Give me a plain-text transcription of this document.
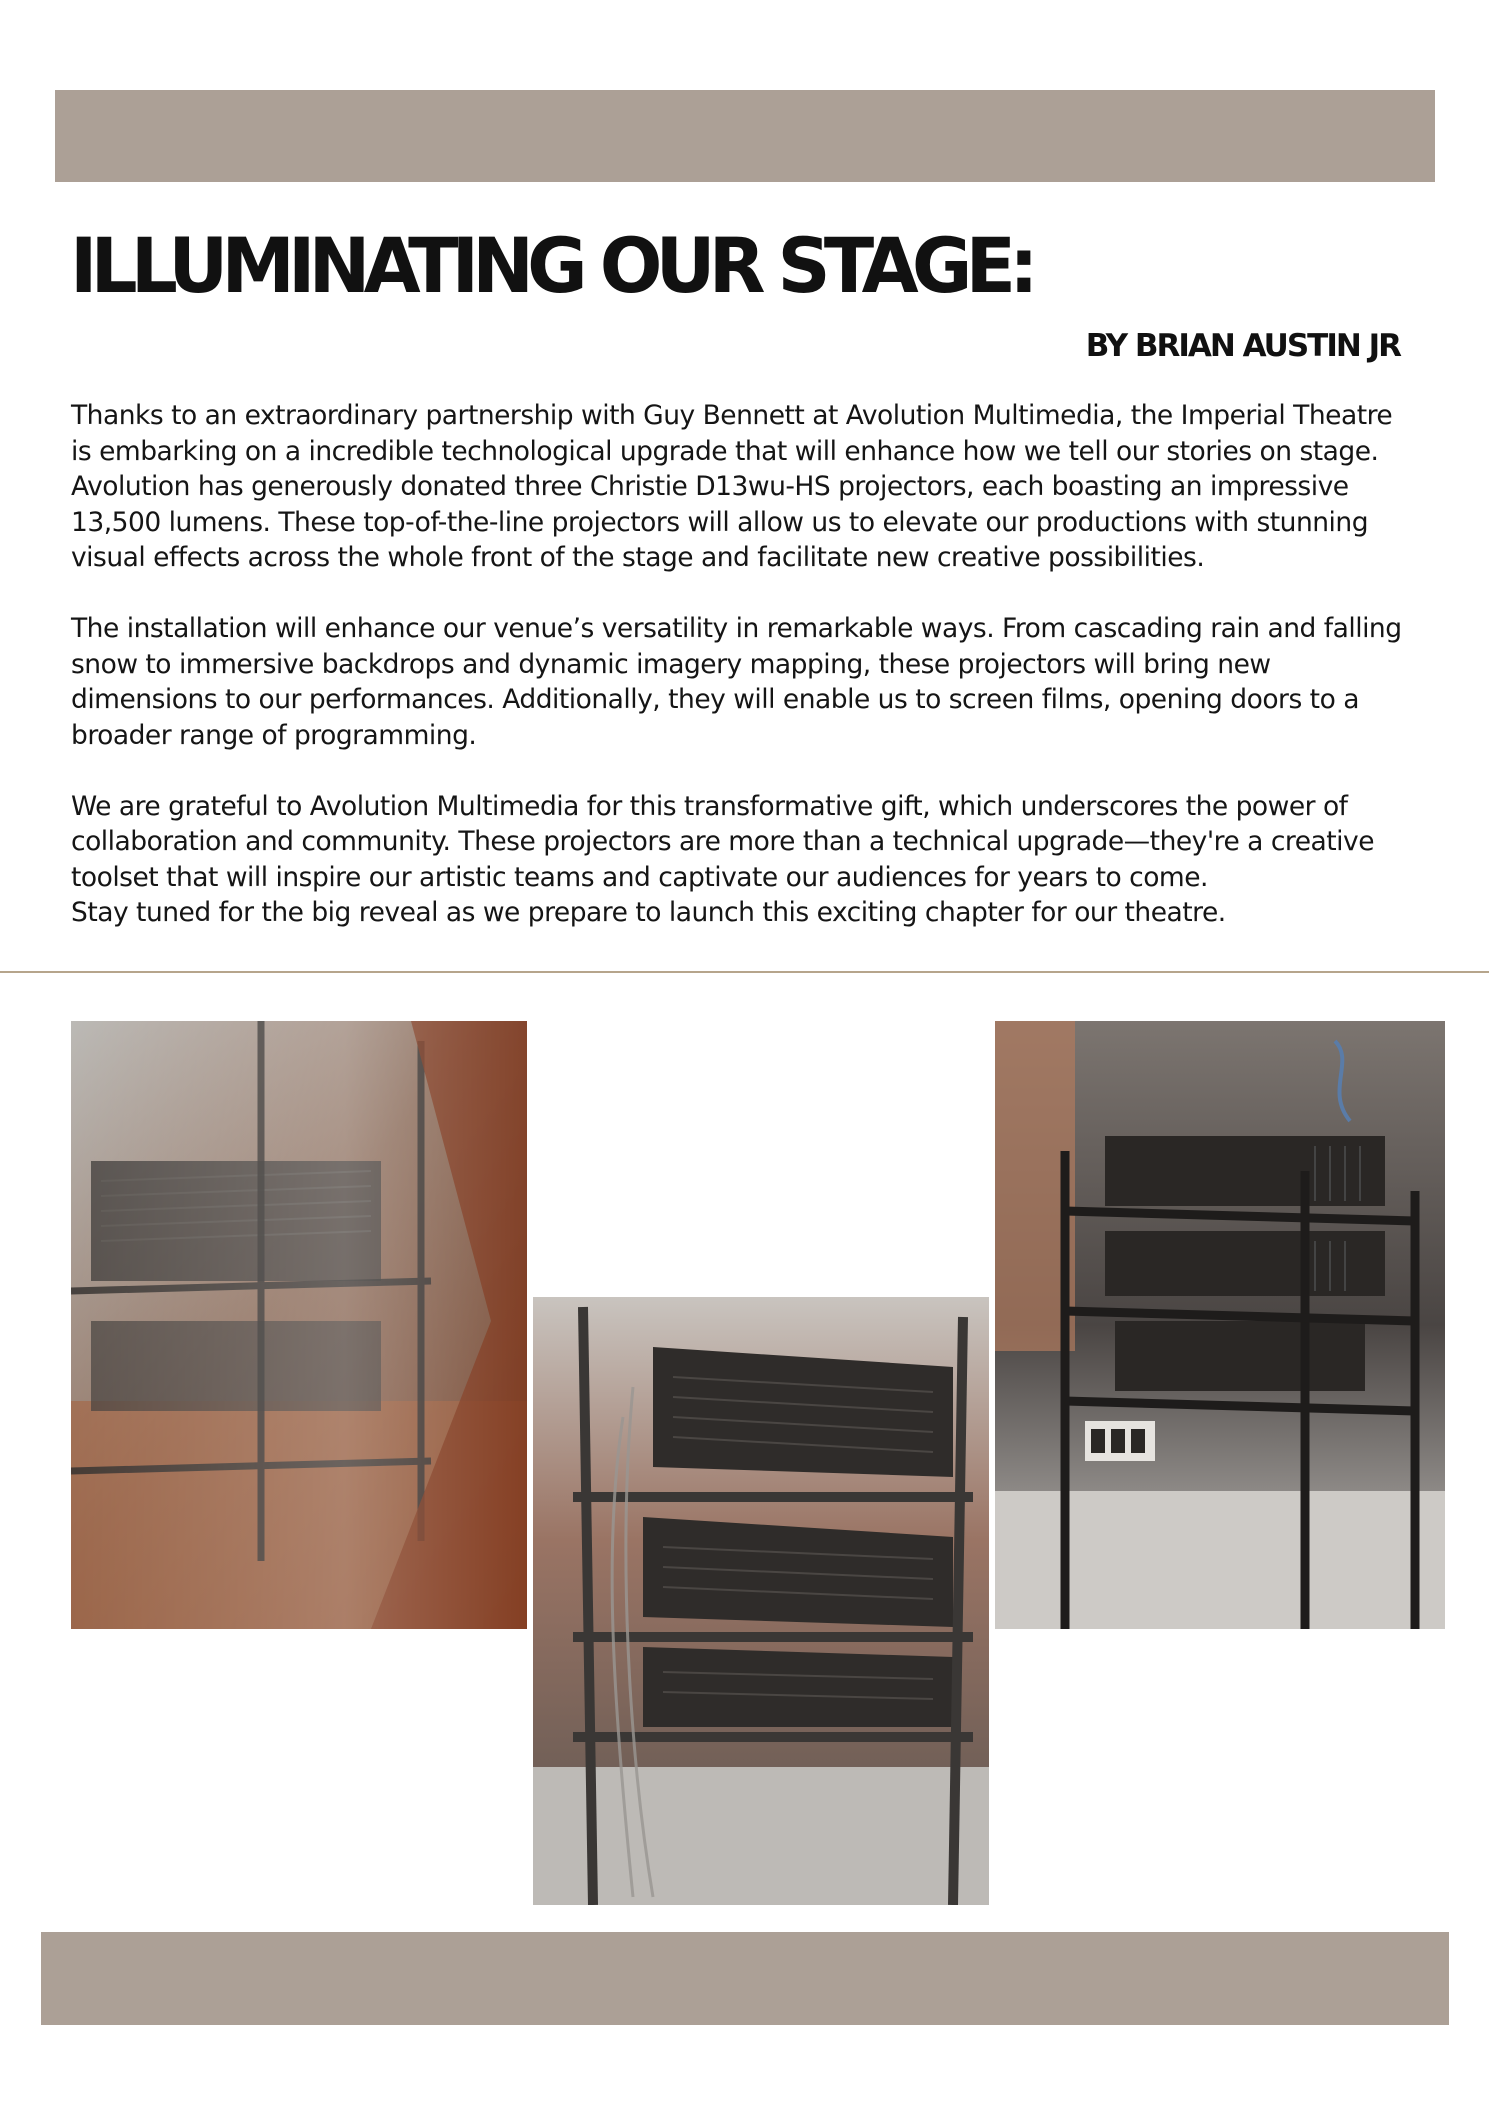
ILLUMINATING OUR STAGE:
BY BRIAN AUSTIN JR

Thanks to an extraordinary partnership with Guy Bennett at Avolution Multimedia, the Imperial Theatre
is embarking on a incredible technological upgrade that will enhance how we tell our stories on stage.
Avolution has generously donated three Christie D13wu-HS projectors, each boasting an impressive
13,500 lumens. These top-of-the-line projectors will allow us to elevate our productions with stunning
visual effects across the whole front of the stage and facilitate new creative possibilities.

The installation will enhance our venue’s versatility in remarkable ways. From cascading rain and falling
snow to immersive backdrops and dynamic imagery mapping, these projectors will bring new
dimensions to our performances. Additionally, they will enable us to screen films, opening doors to a
broader range of programming.

We are grateful to Avolution Multimedia for this transformative gift, which underscores the power of
collaboration and community. These projectors are more than a technical upgrade—they're a creative
toolset that will inspire our artistic teams and captivate our audiences for years to come.
Stay tuned for the big reveal as we prepare to launch this exciting chapter for our theatre.
